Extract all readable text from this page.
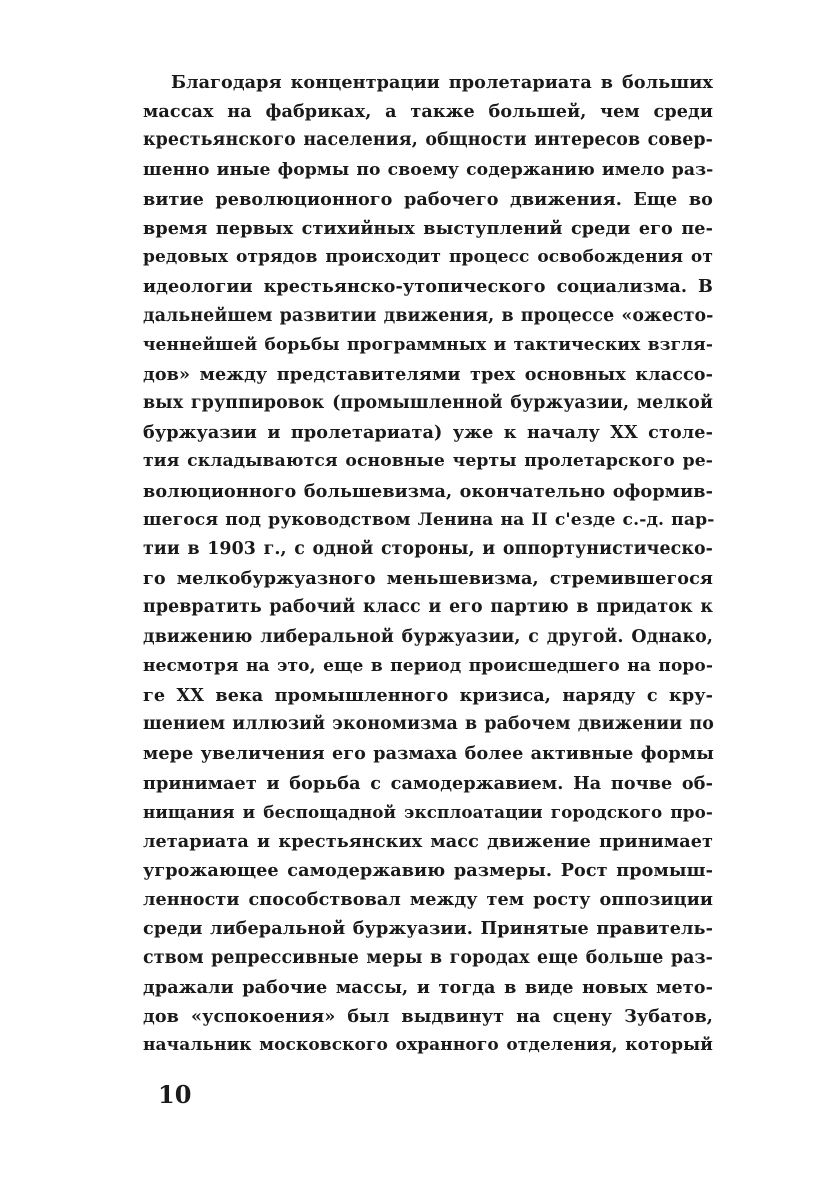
Благодаря концентрации пролетариата в больших
массах на фабриках, а также большей, чем среди
крестьянского населения, общности интересов совер-
шенно иные формы по своему содержанию имело раз-
витие революционного рабочего движения. Еще во
время первых стихийных выступлений среди его пе-
редовых отрядов происходит процесс освобождения от
идеологии крестьянско-утопического социализма. В
дальнейшем развитии движения, в процессе «ожесто-
ченнейшей борьбы программных и тактических взгля-
дов» между представителями трех основных классо-
вых группировок (промышленной буржуазии, мелкой
буржуазии и пролетариата) уже к началу XX столе-
тия складываются основные черты пролетарского ре-
волюционного большевизма, окончательно оформив-
шегося под руководством Ленина на II с'езде с.-д. пар-
тии в 1903 г., с одной стороны, и оппортунистическо-
го мелкобуржуазного меньшевизма, стремившегося
превратить рабочий класс и его партию в придаток к
движению либеральной буржуазии, с другой. Однако,
несмотря на это, еще в период происшедшего на поро-
ге XX века промышленного кризиса, наряду с кру-
шением иллюзий экономизма в рабочем движении по
мере увеличения его размаха более активные формы
принимает и борьба с самодержавием. На почве об-
нищания и беспощадной эксплоатации городского про-
летариата и крестьянских масс движение принимает
угрожающее самодержавию размеры. Рост промыш-
ленности способствовал между тем росту оппозиции
среди либеральной буржуазии. Принятые правитель-
ством репрессивные меры в городах еще больше раз-
дражали рабочие массы, и тогда в виде новых мето-
дов «успокоения» был выдвинут на сцену Зубатов,
начальник московского охранного отделения, который
10
